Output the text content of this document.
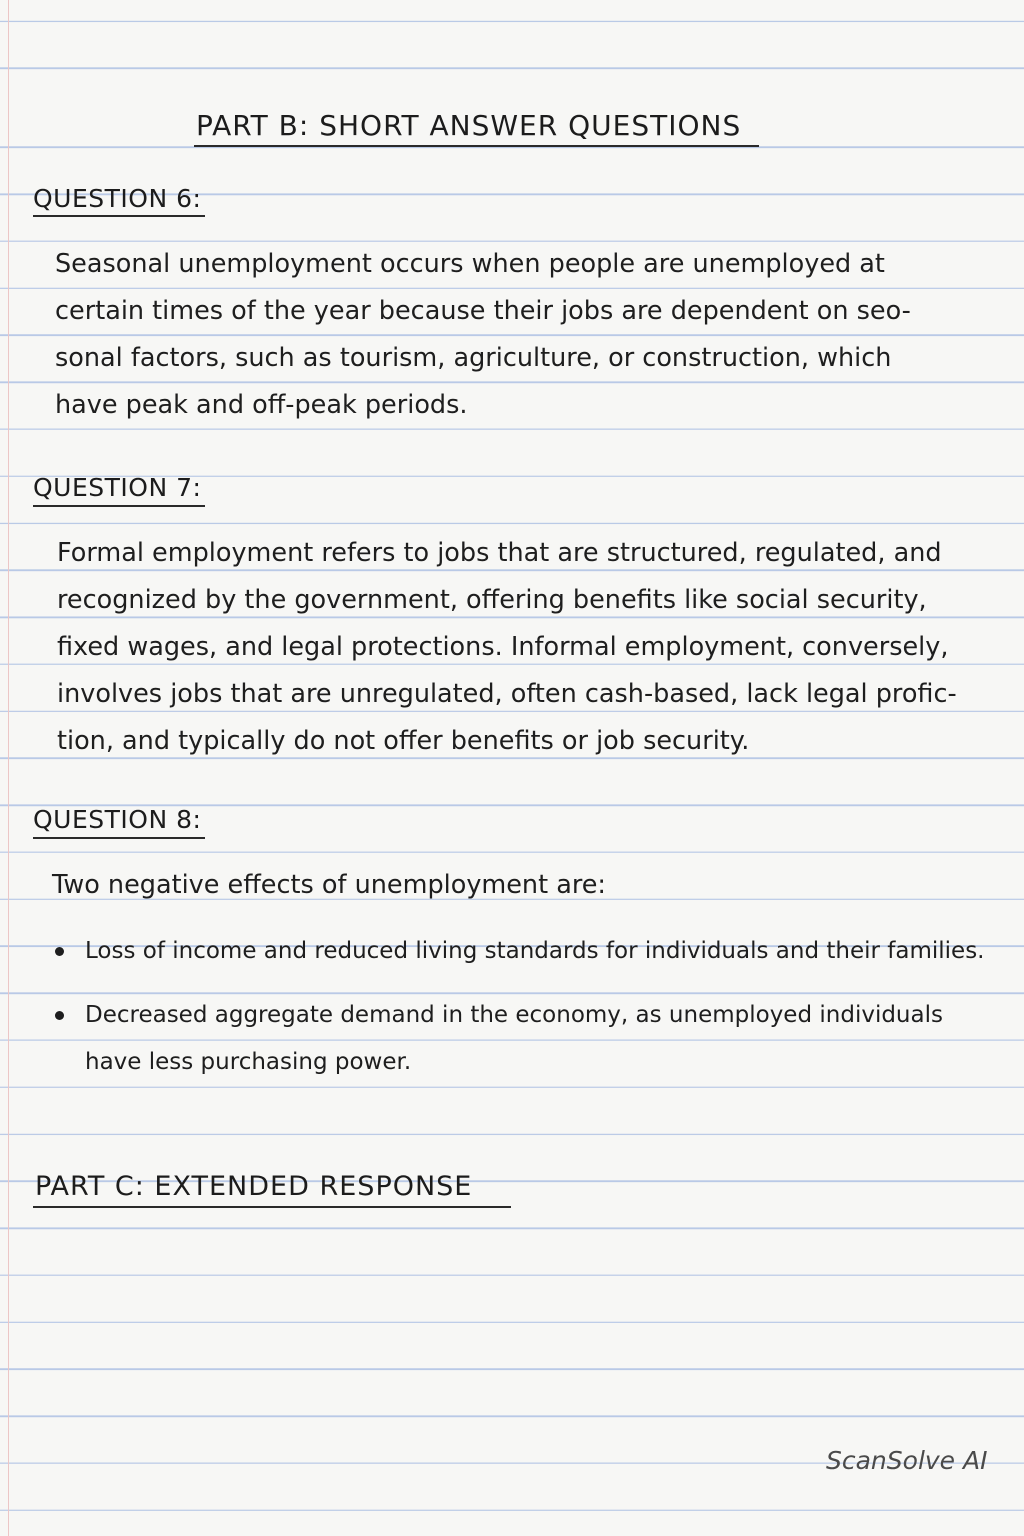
PART B: SHORT ANSWER QUESTIONS
QUESTION 6:

Seasonal unemployment occurs when people are unemployed at
certain times of the year because their jobs are dependent on seo-
sonal factors, such as tourism, agriculture, or construction, which
have peak and off-peak periods.

QUESTION 7:

Formal employment refers to jobs that are structured, regulated, and
recognized by the government, offering benefits like social security,
fixed wages, and legal protections. Informal employment, conversely,
involves jobs that are unregulated, often cash-based, lack legal profic-
tion, and typically do not offer benefits or job security.

QUESTION 8:

Two negative effects of unemployment are:

Loss of income and reduced living standards for individuals and their families.
Decreased aggregate demand in the economy, as unemployed individuals
have less purchasing power.
PART C: EXTENDED RESPONSE

ScanSolve AI
